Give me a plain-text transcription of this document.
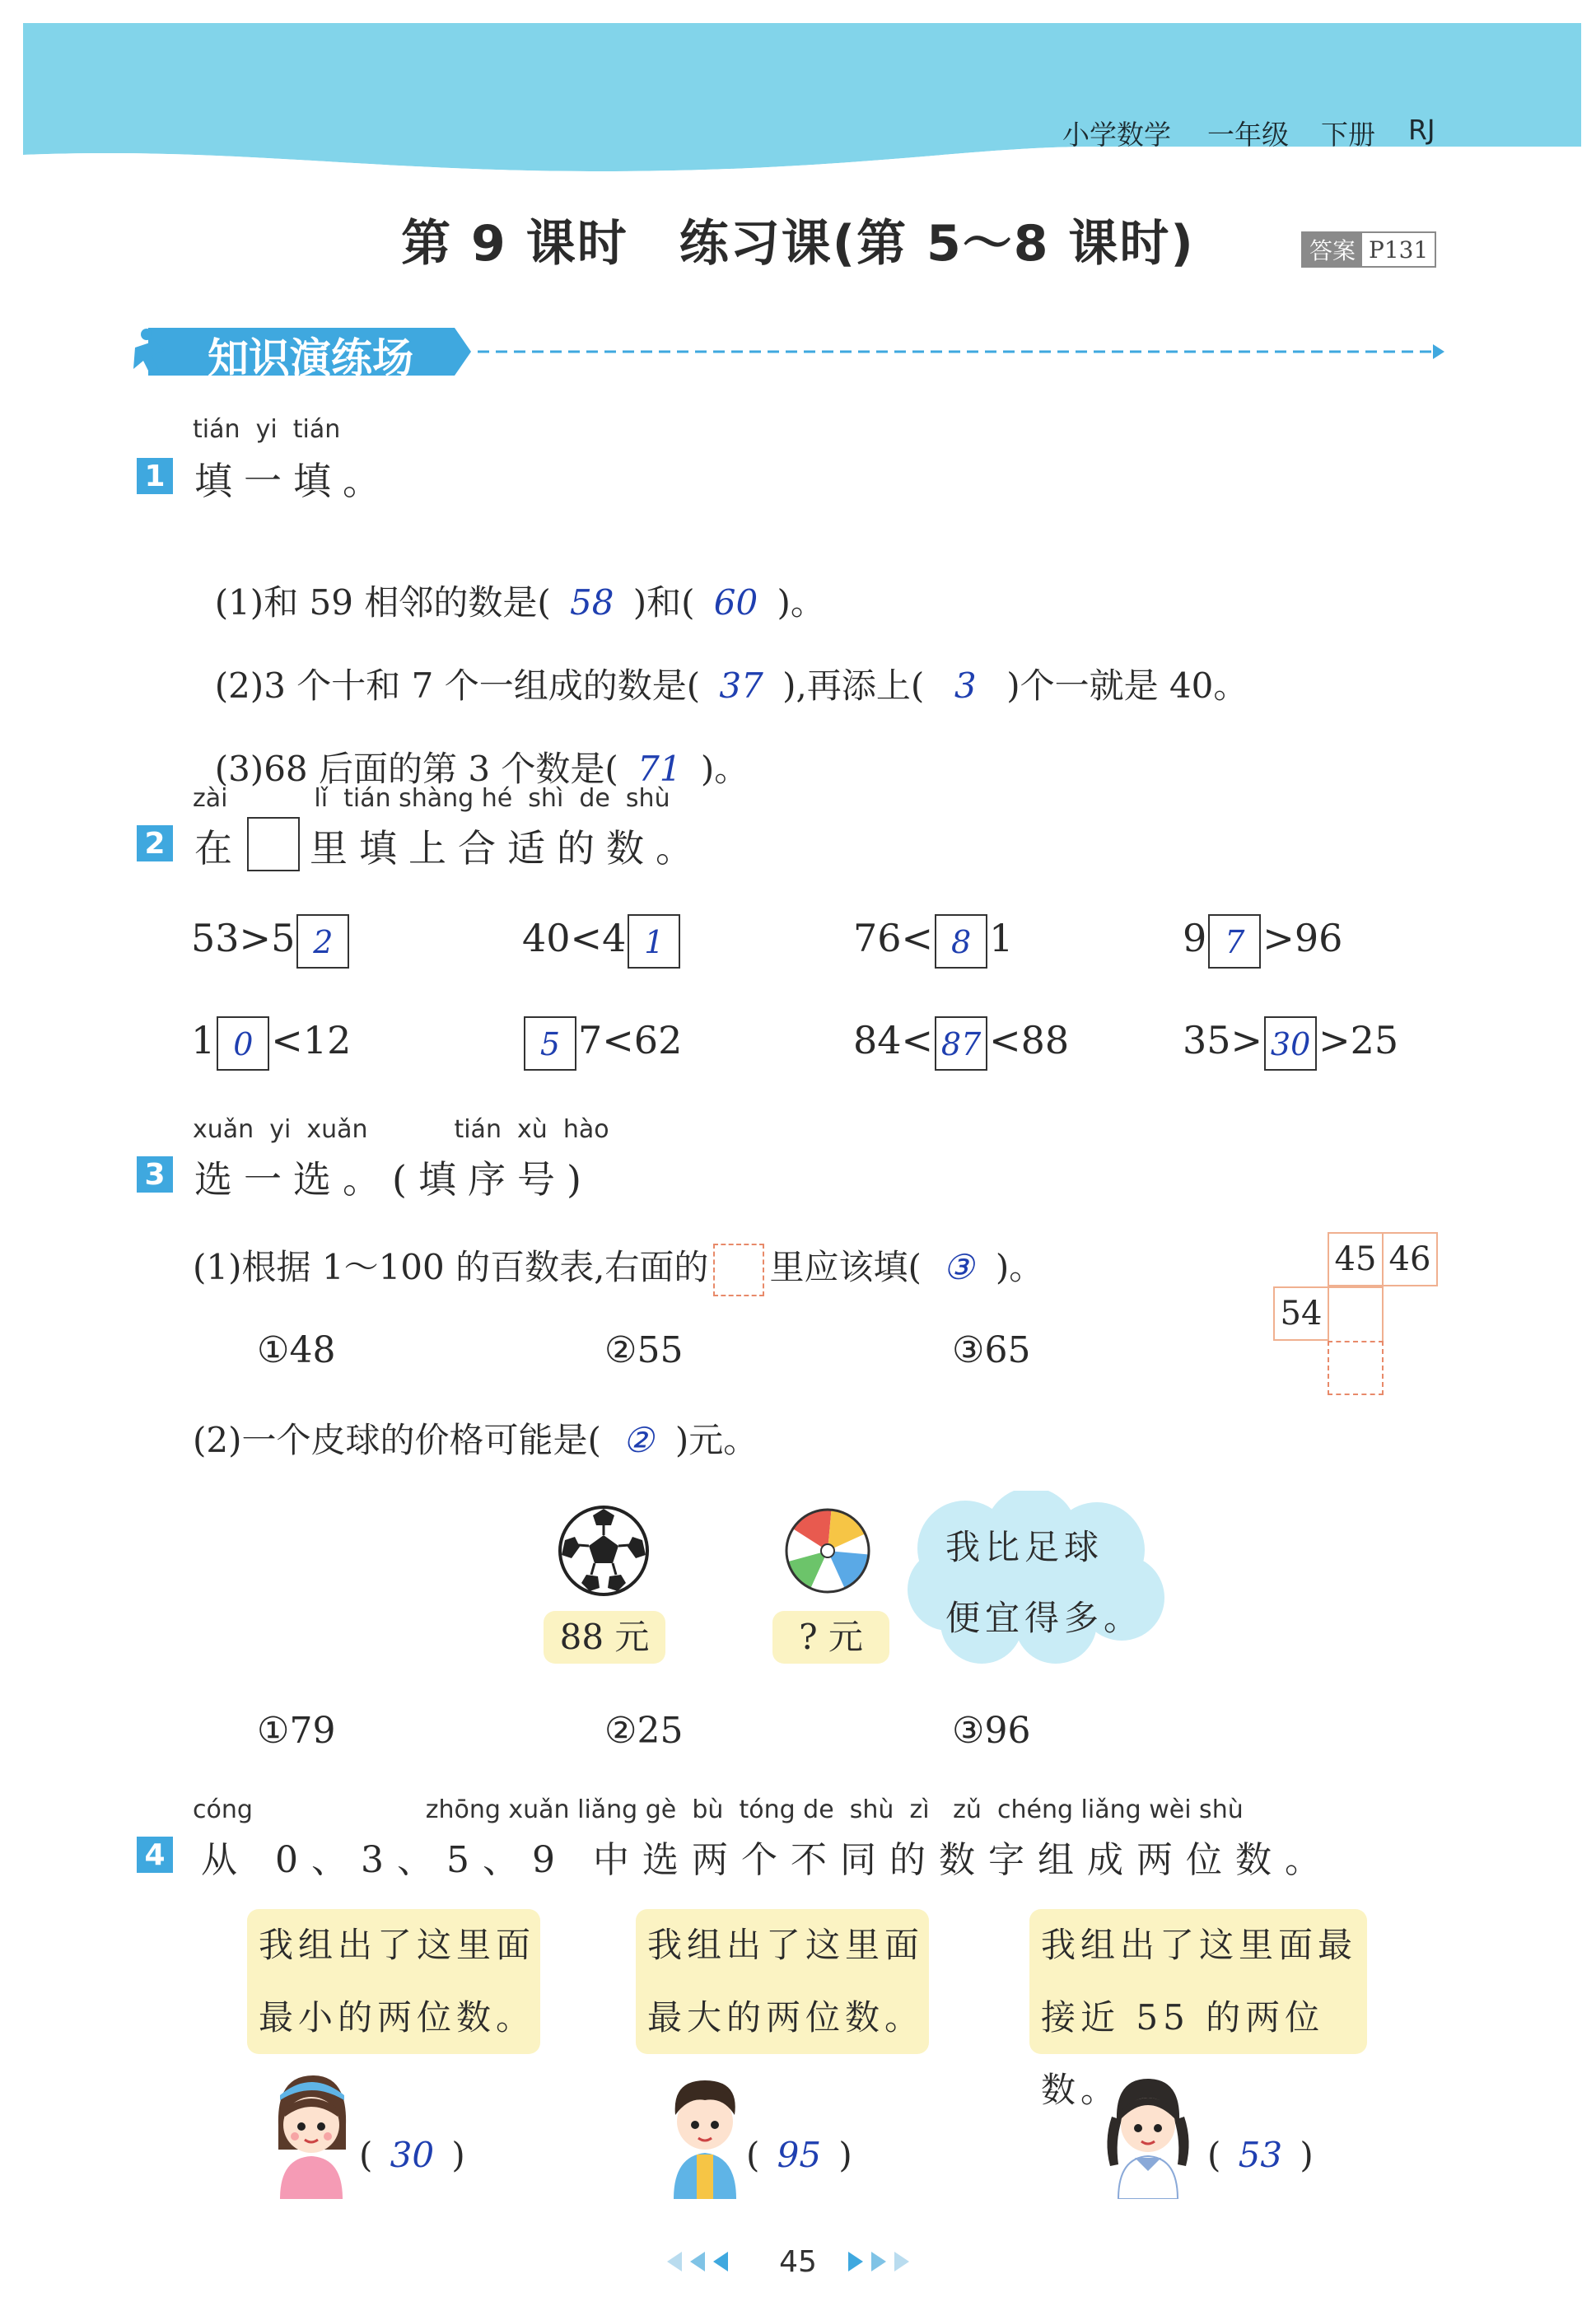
小学数学 一年级 下册 RJ
第 9 课时　练习课(第 5～8 课时)	答案 P131
知识演练场
tián  yi  tián
1 填一填。

(1)和 59 相邻的数是( 58 )和( 60 )。

(2)3 个十和 7 个一组成的数是( 37 ),再添上( 3 )个一就是 40。

(3)68 后面的第 3 个数是( 71 )。

zài           lǐ  tián shàng hé  shì  de  shù
2 在 里填上合适的数。
53>5 2	40<4 1	76< 8 1	9 7 >96
1 0 <12	5 7<62	84< 87 <88	35> 30 >25
xuǎn  yi  xuǎn           tián  xù  hào
3 选一选。(填序号)
(1)根据 1～100 的百数表,右面的 里应该填( ③ )。	45 46
54
①48	②55	③65
(2)一个皮球的价格可能是( ② )元。
88 元	? 元
我比足球
便宜得多。
①79	②25	③96
cóng                      zhōng xuǎn liǎng gè  bù  tóng de  shù  zì   zǔ  chéng liǎng wèi shù
4 从 0、3、5、9 中选两个不同的数字组成两位数。
我组出了这里面
最小的两位数。
( 30 )
我组出了这里面
最大的两位数。
( 95 )
我组出了这里面最
接近 55 的两位数。
( 53 )
45
